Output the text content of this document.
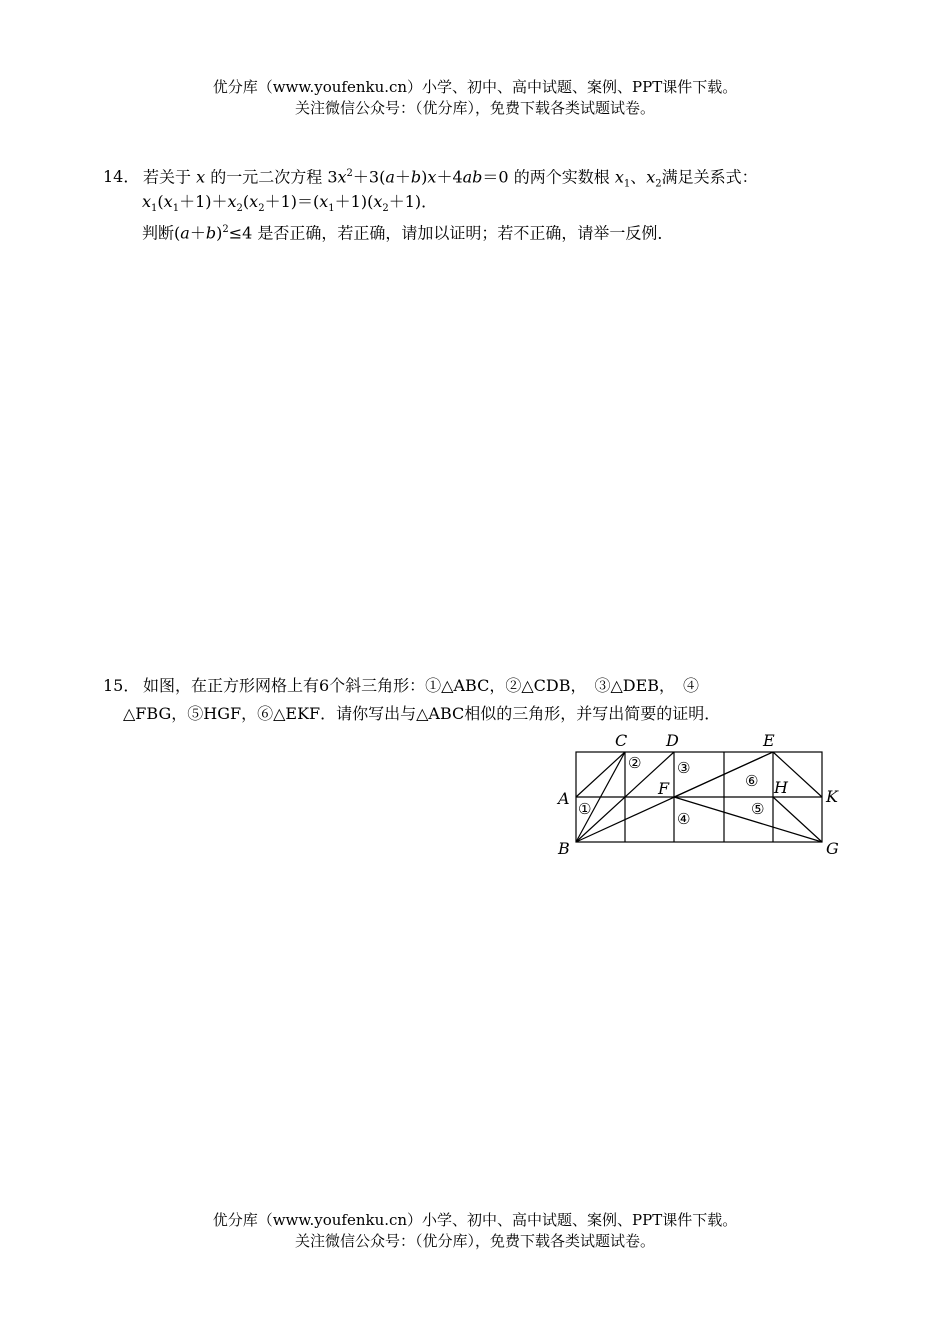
优分库（www.youfenku.cn）小学、初中、高中试题、案例、PPT课件下载。
关注微信公众号：（优分库），免费下载各类试题试卷。
14． 若关于 x 的一元二次方程 $3x^2+3(a+b)x+4ab=0$ 的两个实数根 $x_1$、$x_2$满足关系式：
$x_1(x_1+1)+x_2(x_2+1)=(x_1+1)(x_2+1)$．
判断$(a+b)^2\le 4$ 是否正确，若正确，请加以证明；若不正确，请举一反例．
15． 如图，在正方形网格上有6个斜三角形：①△ABC，②△CDB，　③△DEB，　④
△FBG，⑤HGF，⑥△EKF．请你写出与△ABC相似的三角形，并写出简要的证明．
A
B
C D	E
F
G
H K
①
② ③
④
⑤
⑥
优分库（www.youfenku.cn）小学、初中、高中试题、案例、PPT课件下载。
关注微信公众号：（优分库），免费下载各类试题试卷。
